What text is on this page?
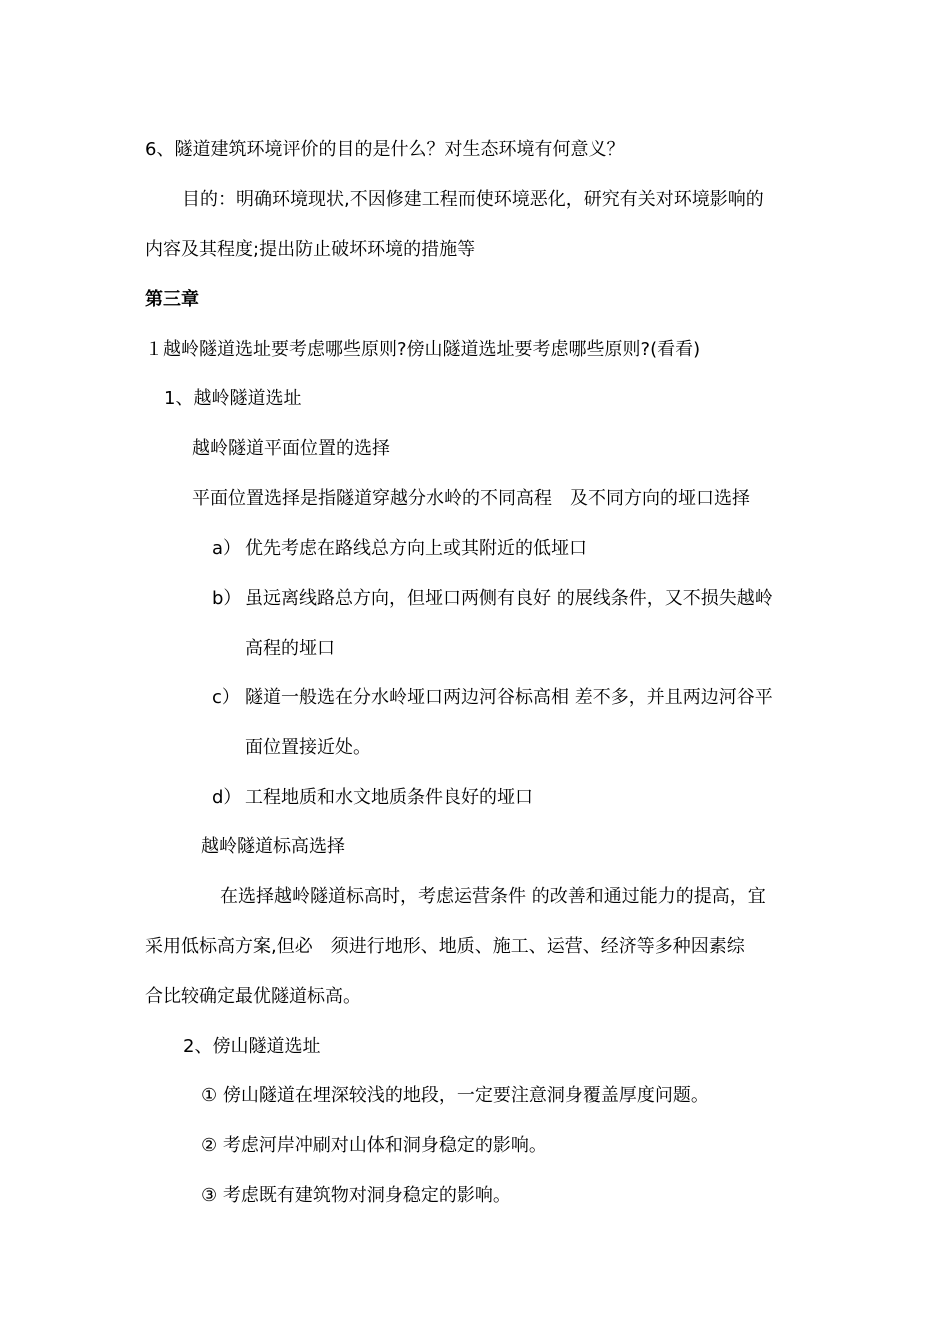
6、隧道建筑环境评价的目的是什么？对生态环境有何意义？
目的：明确环境现状,不因修建工程而使环境恶化，研究有关对环境影响的
内容及其程度;提出防止破坏环境的措施等
第三章
１越岭隧道选址要考虑哪些原则?傍山隧道选址要考虑哪些原则?(看看)
1、越岭隧道选址
越岭隧道平面位置的选择
平面位置选择是指隧道穿越分水岭的不同高程　及不同方向的垭口选择
a） 优先考虑在路线总方向上或其附近的低垭口
b） 虽远离线路总方向，但垭口两侧有良好 的展线条件，又不损失越岭
高程的垭口
c） 隧道一般选在分水岭垭口两边河谷标高相 差不多，并且两边河谷平
面位置接近处。
d） 工程地质和水文地质条件良好的垭口
越岭隧道标高选择
在选择越岭隧道标高时，考虑运营条件 的改善和通过能力的提高，宜
采用低标高方案,但必　须进行地形、地质、施工、运营、经济等多种因素综
合比较确定最优隧道标高。
2、傍山隧道选址
① 傍山隧道在埋深较浅的地段，一定要注意洞身覆盖厚度问题。
② 考虑河岸冲刷对山体和洞身稳定的影响。
③ 考虑既有建筑物对洞身稳定的影响。
